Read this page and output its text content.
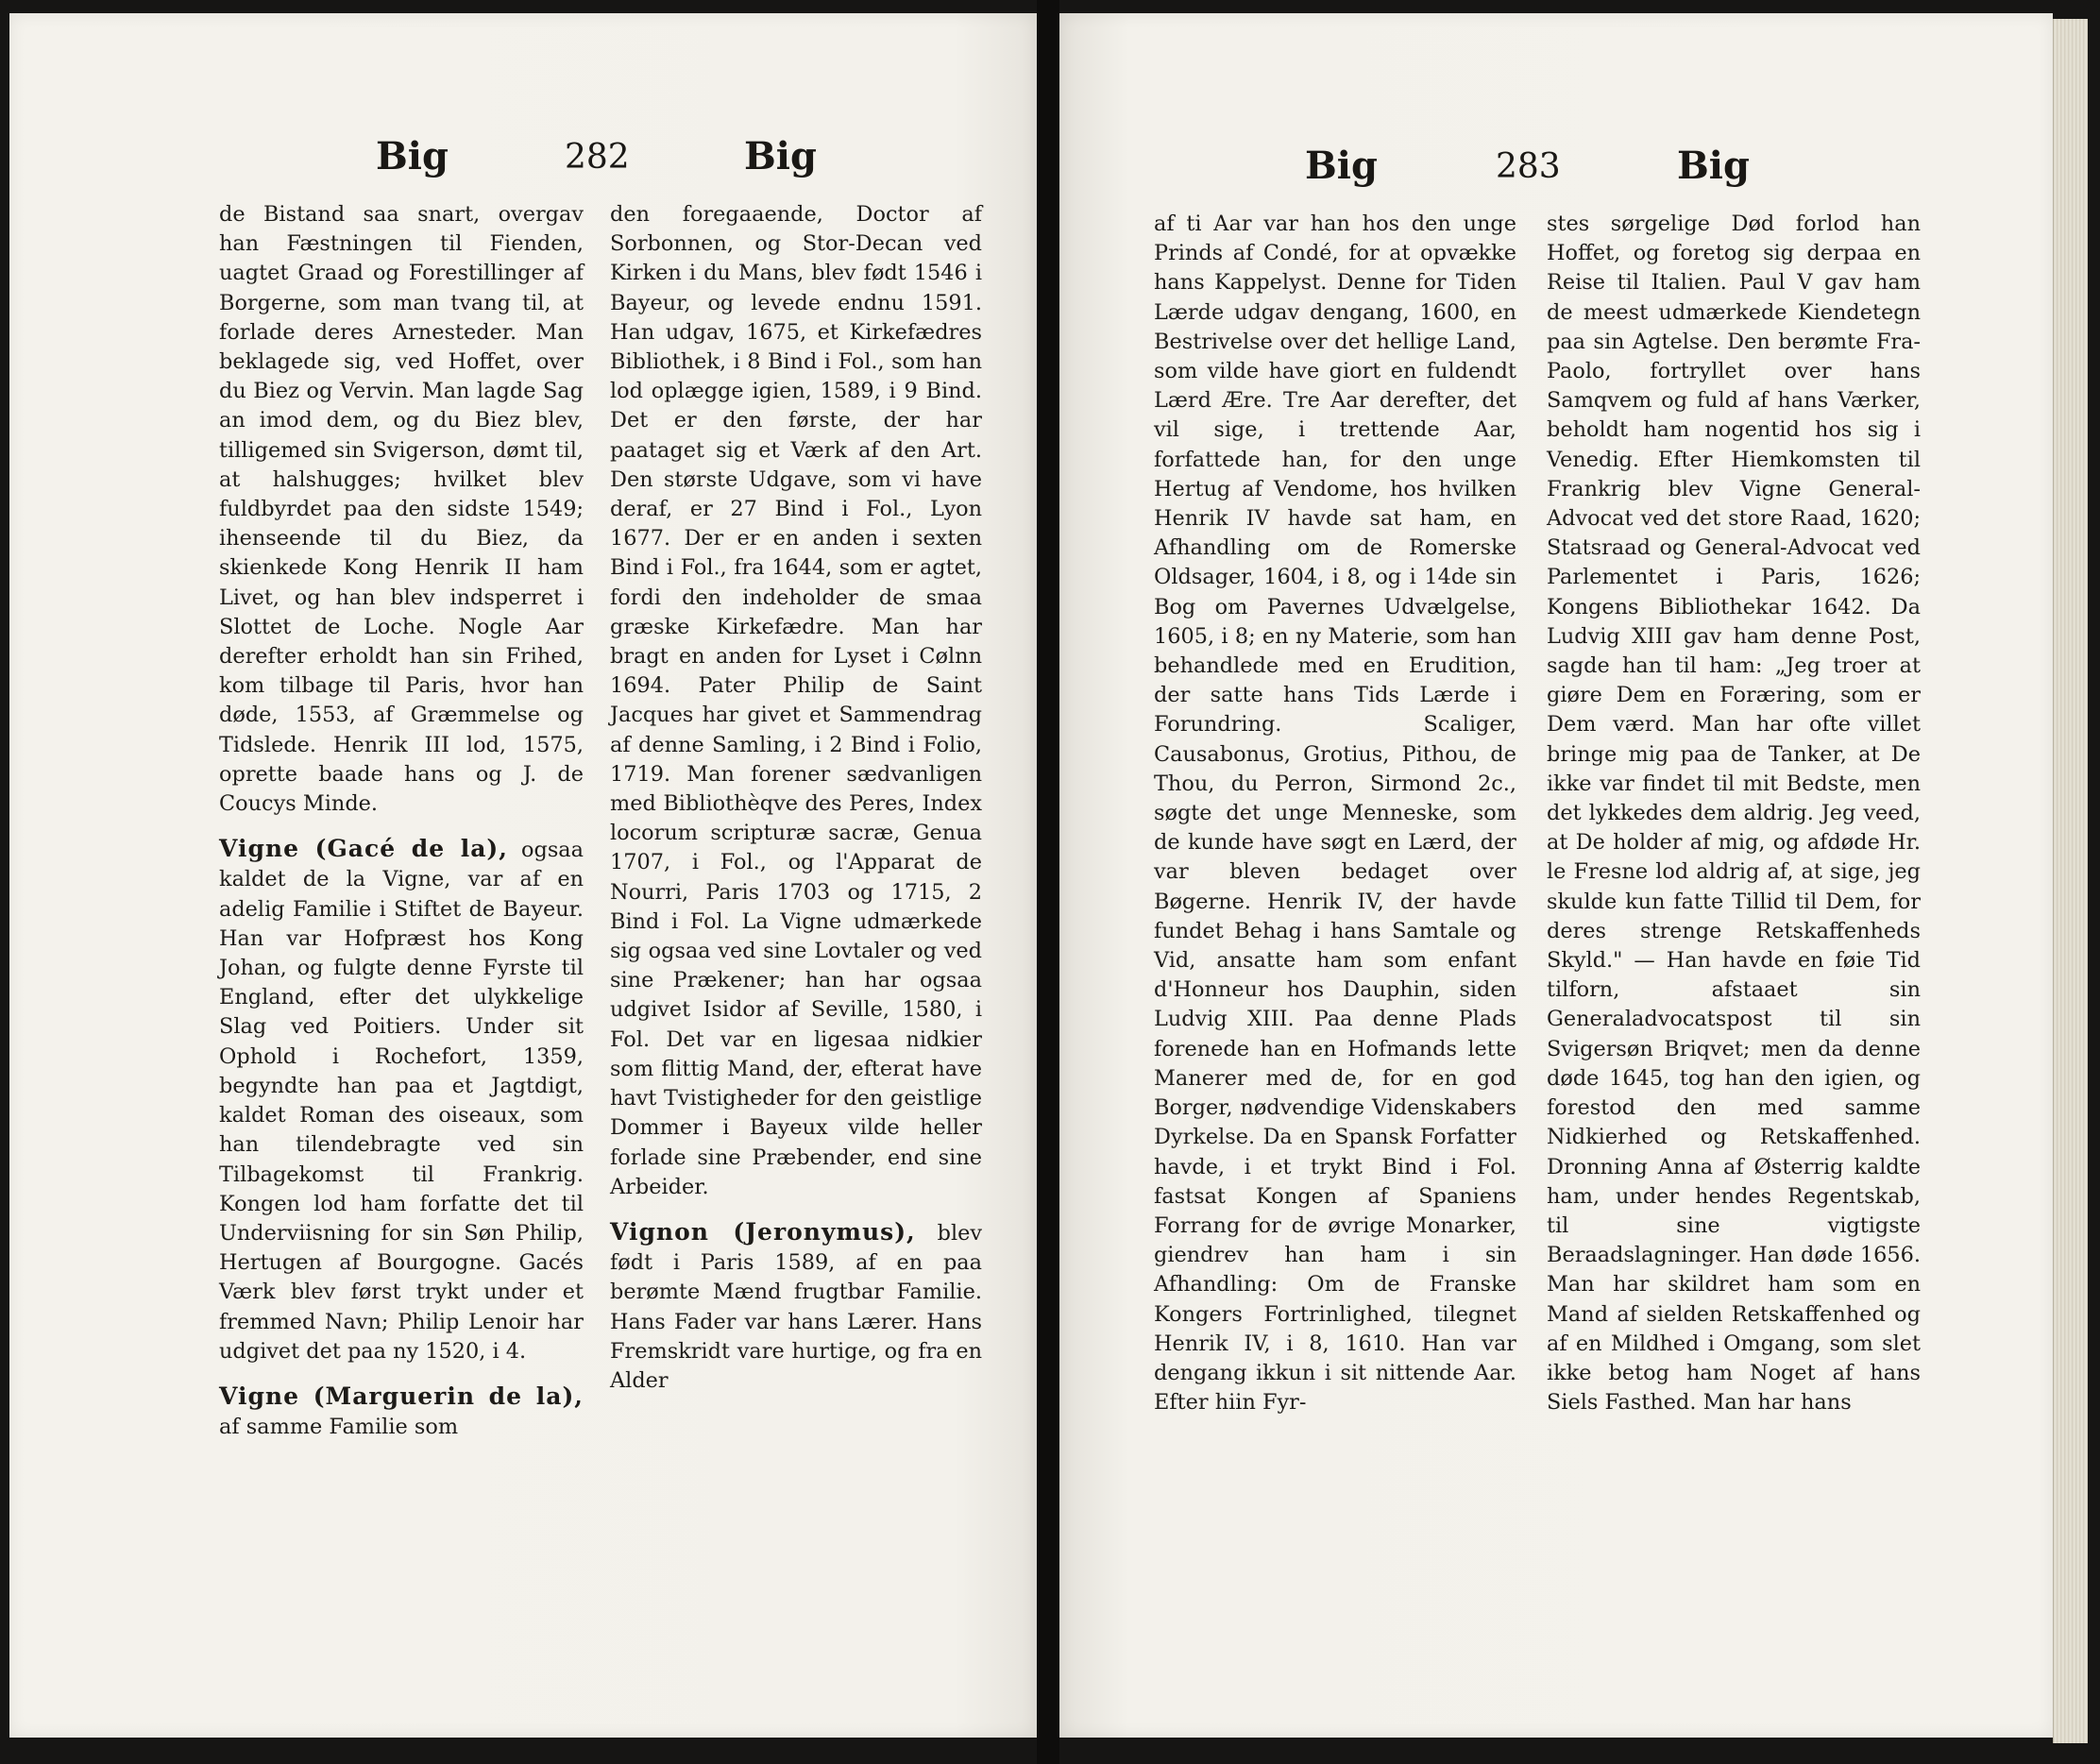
Big	282	Big

de Bistand saa snart, overgav han Fæstningen til Fienden, uagtet Graad og Forestillinger af Borgerne, som man tvang til, at forlade deres Arnesteder. Man beklagede sig, ved Hoffet, over du Biez og Vervin. Man lagde Sag an imod dem, og du Biez blev, tilligemed sin Svigerson, dømt til, at halshugges; hvilket blev fuldbyrdet paa den sidste 1549; ihenseende til du Biez, da skienkede Kong Henrik II ham Livet, og han blev indsperret i Slottet de Loche. Nogle Aar derefter erholdt han sin Frihed, kom tilbage til Paris, hvor han døde, 1553, af Græmmelse og Tidslede. Henrik III lod, 1575, oprette baade hans og J. de Coucys Minde.

Vigne (Gacé de la), ogsaa kaldet de la Vigne, var af en adelig Familie i Stiftet de Bayeur. Han var Hofpræst hos Kong Johan, og fulgte denne Fyrste til England, efter det ulykkelige Slag ved Poitiers. Under sit Ophold i Rochefort, 1359, begyndte han paa et Jagtdigt, kaldet Roman des oiseaux, som han tilendebragte ved sin Tilbagekomst til Frankrig. Kongen lod ham forfatte det til Underviisning for sin Søn Philip, Hertugen af Bourgogne. Gacés Værk blev først trykt under et fremmed Navn; Philip Lenoir har udgivet det paa ny 1520, i 4.

Vigne (Marguerin de la), af samme Familie som

den foregaaende, Doctor af Sorbonnen, og Stor-Decan ved Kirken i du Mans, blev født 1546 i Bayeur, og levede endnu 1591. Han udgav, 1675, et Kirkefædres Bibliothek, i 8 Bind i Fol., som han lod oplægge igien, 1589, i 9 Bind. Det er den første, der har paataget sig et Værk af den Art. Den største Udgave, som vi have deraf, er 27 Bind i Fol., Lyon 1677. Der er en anden i sexten Bind i Fol., fra 1644, som er agtet, fordi den indeholder de smaa græske Kirkefædre. Man har bragt en anden for Lyset i Cølnn 1694. Pater Philip de Saint Jacques har givet et Sammendrag af denne Samling, i 2 Bind i Folio, 1719. Man forener sædvanligen med Bibliothèqve des Peres, Index locorum scripturæ sacræ, Genua 1707, i Fol., og l'Apparat de Nourri, Paris 1703 og 1715, 2 Bind i Fol. La Vigne udmærkede sig ogsaa ved sine Lovtaler og ved sine Prækener; han har ogsaa udgivet Isidor af Seville, 1580, i Fol. Det var en ligesaa nidkier som flittig Mand, der, efterat have havt Tvistigheder for den geistlige Dommer i Bayeux vilde heller forlade sine Præbender, end sine Arbeider.

Vignon (Jeronymus), blev født i Paris 1589, af en paa berømte Mænd frugtbar Familie. Hans Fader var hans Lærer. Hans Fremskridt vare hurtige, og fra en Alder

Big	283	Big

af ti Aar var han hos den unge Prinds af Condé, for at opvække hans Kappelyst. Denne for Tiden Lærde udgav dengang, 1600, en Bestrivelse over det hellige Land, som vilde have giort en fuldendt Lærd Ære. Tre Aar derefter, det vil sige, i trettende Aar, forfattede han, for den unge Hertug af Vendome, hos hvilken Henrik IV havde sat ham, en Afhandling om de Romerske Oldsager, 1604, i 8, og i 14de sin Bog om Pavernes Udvælgelse, 1605, i 8; en ny Materie, som han behandlede med en Erudition, der satte hans Tids Lærde i Forundring. Scaliger, Causabonus, Grotius, Pithou, de Thou, du Perron, Sirmond 2c., søgte det unge Menneske, som de kunde have søgt en Lærd, der var bleven bedaget over Bøgerne. Henrik IV, der havde fundet Behag i hans Samtale og Vid, ansatte ham som enfant d'Honneur hos Dauphin, siden Ludvig XIII. Paa denne Plads forenede han en Hofmands lette Manerer med de, for en god Borger, nødvendige Videnskabers Dyrkelse. Da en Spansk Forfatter havde, i et trykt Bind i Fol. fastsat Kongen af Spaniens Forrang for de øvrige Monarker, giendrev han ham i sin Afhandling: Om de Franske Kongers Fortrinlighed, tilegnet Henrik IV, i 8, 1610. Han var dengang ikkun i sit nittende Aar. Efter hiin Fyr-

stes sørgelige Død forlod han Hoffet, og foretog sig derpaa en Reise til Italien. Paul V gav ham de meest udmærkede Kiendetegn paa sin Agtelse. Den berømte Fra-Paolo, fortryllet over hans Samqvem og fuld af hans Værker, beholdt ham nogentid hos sig i Venedig. Efter Hiemkomsten til Frankrig blev Vigne General-Advocat ved det store Raad, 1620; Statsraad og General-Advocat ved Parlementet i Paris, 1626; Kongens Bibliothekar 1642. Da Ludvig XIII gav ham denne Post, sagde han til ham: „Jeg troer at giøre Dem en Foræring, som er Dem værd. Man har ofte villet bringe mig paa de Tanker, at De ikke var findet til mit Bedste, men det lykkedes dem aldrig. Jeg veed, at De holder af mig, og afdøde Hr. le Fresne lod aldrig af, at sige, jeg skulde kun fatte Tillid til Dem, for deres strenge Retskaffenheds Skyld." — Han havde en føie Tid tilforn, afstaaet sin Generaladvocatspost til sin Svigersøn Briqvet; men da denne døde 1645, tog han den igien, og forestod den med samme Nidkierhed og Retskaffenhed. Dronning Anna af Østerrig kaldte ham, under hendes Regentskab, til sine vigtigste Beraadslagninger. Han døde 1656. Man har skildret ham som en Mand af sielden Retskaffenhed og af en Mildhed i Omgang, som slet ikke betog ham Noget af hans Siels Fasthed. Man har hans
